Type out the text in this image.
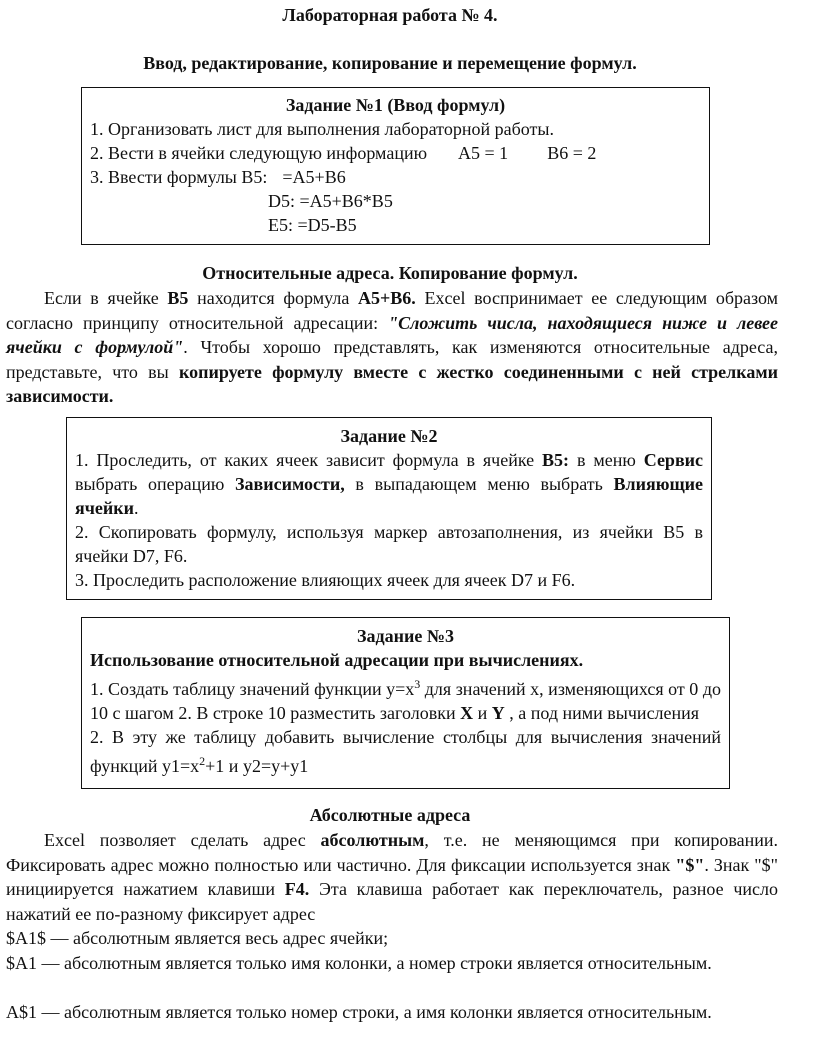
Лабораторная работа № 4.
Ввод, редактирование, копирование и перемещение формул.
Задание №1 (Ввод формул)
1. Организовать лист для выполнения лабораторной работы.
2. Вести в ячейки следующую информацию A5 = 1 B6 = 2
3. Ввести формулы B5: =A5+B6
D5: =A5+B6*B5
E5: =D5-B5
Относительные адреса. Копирование формул.
Если в ячейке B5 находится формула A5+B6. Excel воспринимает ее следующим образом согласно принципу относительной адресации: "Сложить числа, находящиеся ниже и левее ячейки с формулой". Чтобы хорошо представлять, как изменяются относительные адреса, представьте, что вы копируете формулу вместе с жестко соединенными с ней стрелками зависимости.
Задание №2
1. Проследить, от каких ячеек зависит формула в ячейке B5: в меню Сервис выбрать операцию Зависимости, в выпадающем меню выбрать Влияющие ячейки.
2. Скопировать формулу, используя маркер автозаполнения, из ячейки B5 в ячейки D7, F6.
3. Проследить расположение влияющих ячеек для ячеек D7 и F6.
Задание №3
Использование относительной адресации при вычислениях.
1. Создать таблицу значений функции $y=x^3$ для значений x, изменяющихся от 0 до 10 с шагом 2. В строке 10 разместить заголовки X и Y , а под ними вычисления
2. В эту же таблицу добавить вычисление столбцы для вычисления значений функций $y1=x^2+1$ и y2=y+y1
Абсолютные адреса
Excel позволяет сделать адрес абсолютным, т.е. не меняющимся при копировании. Фиксировать адрес можно полностью или частично. Для фиксации используется знак "$". Знак "$" инициируется нажатием клавиши F4. Эта клавиша работает как переключатель, разное число нажатий ее по-разному фиксирует адрес
$A1$ — абсолютным является весь адрес ячейки;
$A1 — абсолютным является только имя колонки, а номер строки является относительным.
A$1 — абсолютным является только номер строки, а имя колонки является относительным.
